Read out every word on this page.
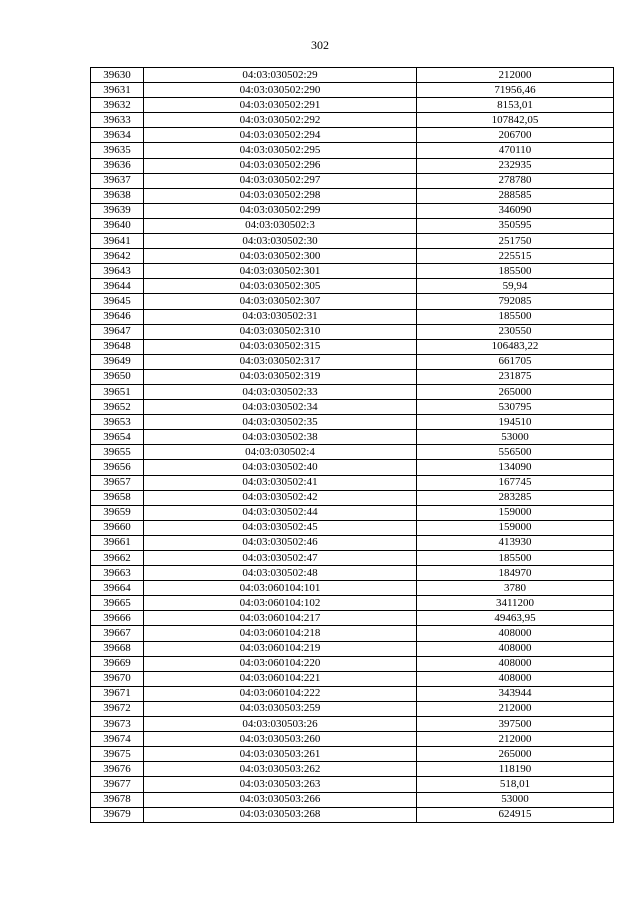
302
39630	04:03:030502:29	212000
39631	04:03:030502:290	71956,46
39632	04:03:030502:291	8153,01
39633	04:03:030502:292	107842,05
39634	04:03:030502:294	206700
39635	04:03:030502:295	470110
39636	04:03:030502:296	232935
39637	04:03:030502:297	278780
39638	04:03:030502:298	288585
39639	04:03:030502:299	346090
39640	04:03:030502:3	350595
39641	04:03:030502:30	251750
39642	04:03:030502:300	225515
39643	04:03:030502:301	185500
39644	04:03:030502:305	59,94
39645	04:03:030502:307	792085
39646	04:03:030502:31	185500
39647	04:03:030502:310	230550
39648	04:03:030502:315	106483,22
39649	04:03:030502:317	661705
39650	04:03:030502:319	231875
39651	04:03:030502:33	265000
39652	04:03:030502:34	530795
39653	04:03:030502:35	194510
39654	04:03:030502:38	53000
39655	04:03:030502:4	556500
39656	04:03:030502:40	134090
39657	04:03:030502:41	167745
39658	04:03:030502:42	283285
39659	04:03:030502:44	159000
39660	04:03:030502:45	159000
39661	04:03:030502:46	413930
39662	04:03:030502:47	185500
39663	04:03:030502:48	184970
39664	04:03:060104:101	3780
39665	04:03:060104:102	3411200
39666	04:03:060104:217	49463,95
39667	04:03:060104:218	408000
39668	04:03:060104:219	408000
39669	04:03:060104:220	408000
39670	04:03:060104:221	408000
39671	04:03:060104:222	343944
39672	04:03:030503:259	212000
39673	04:03:030503:26	397500
39674	04:03:030503:260	212000
39675	04:03:030503:261	265000
39676	04:03:030503:262	118190
39677	04:03:030503:263	518,01
39678	04:03:030503:266	53000
39679	04:03:030503:268	624915
